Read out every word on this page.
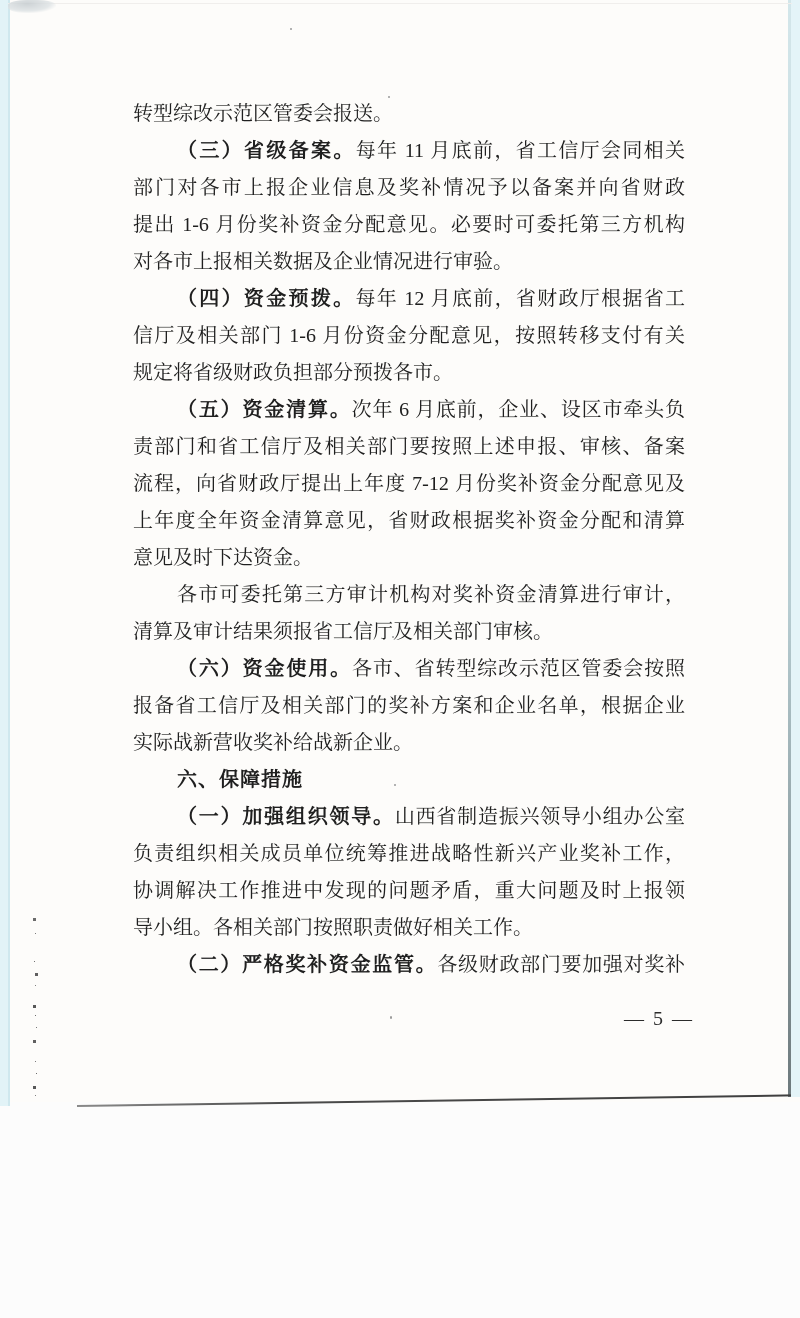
转型综改示范区管委会报送。
（三）省级备案。每年 11 月底前，省工信厅会同相关
部门对各市上报企业信息及奖补情况予以备案并向省财政
提出 1-6 月份奖补资金分配意见。必要时可委托第三方机构
对各市上报相关数据及企业情况进行审验。
（四）资金预拨。每年 12 月底前，省财政厅根据省工
信厅及相关部门 1-6 月份资金分配意见，按照转移支付有关
规定将省级财政负担部分预拨各市。
（五）资金清算。次年 6 月底前，企业、设区市牵头负
责部门和省工信厅及相关部门要按照上述申报、审核、备案
流程，向省财政厅提出上年度 7-12 月份奖补资金分配意见及
上年度全年资金清算意见，省财政根据奖补资金分配和清算
意见及时下达资金。
各市可委托第三方审计机构对奖补资金清算进行审计，
清算及审计结果须报省工信厅及相关部门审核。
（六）资金使用。各市、省转型综改示范区管委会按照
报备省工信厅及相关部门的奖补方案和企业名单，根据企业
实际战新营收奖补给战新企业。
六、保障措施
（一）加强组织领导。山西省制造振兴领导小组办公室
负责组织相关成员单位统筹推进战略性新兴产业奖补工作，
协调解决工作推进中发现的问题矛盾，重大问题及时上报领
导小组。各相关部门按照职责做好相关工作。
（二）严格奖补资金监管。各级财政部门要加强对奖补
— 5 —
